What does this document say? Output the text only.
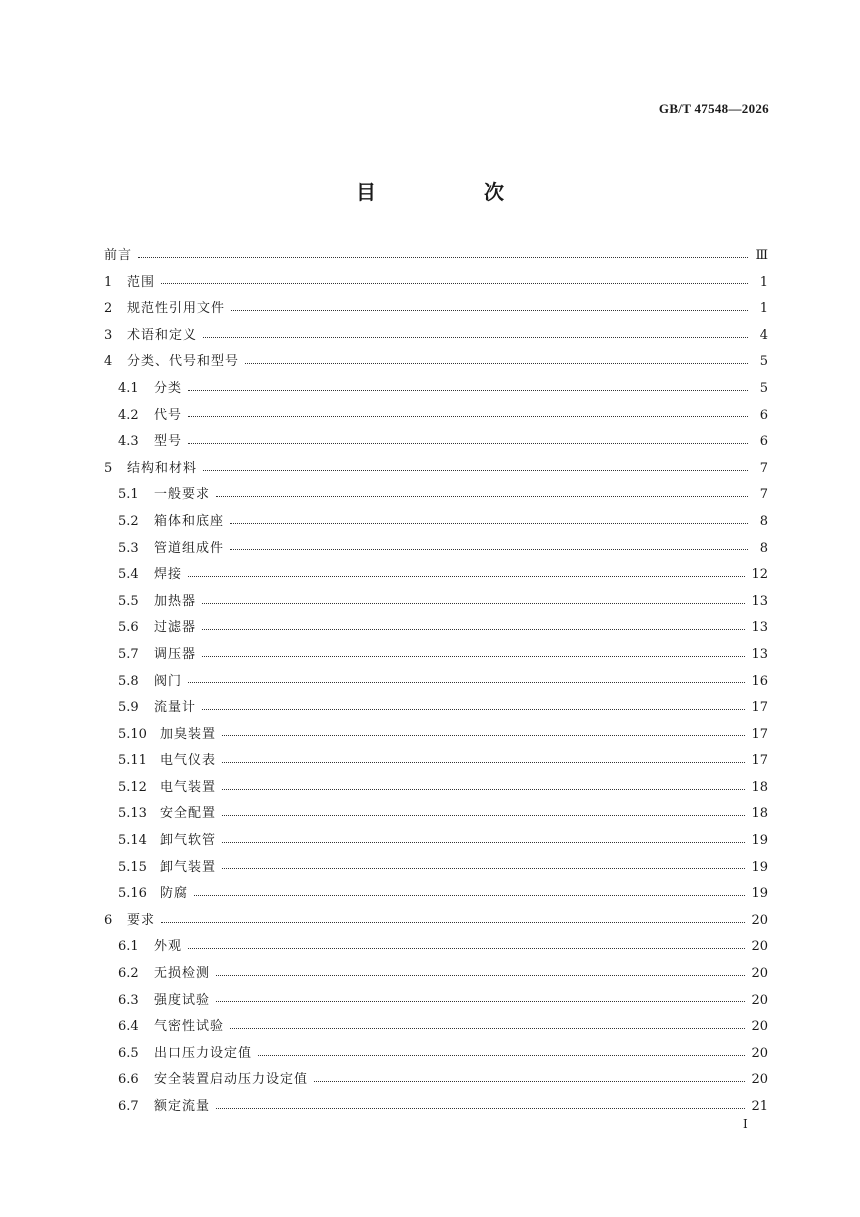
GB/T 47548—2026
目　次
前言	Ⅲ
1	范围	1
2	规范性引用文件	1
3	术语和定义	4
4	分类、代号和型号	5
4.1	分类	5
4.2	代号	6
4.3	型号	6
5	结构和材料	7
5.1	一般要求	7
5.2	箱体和底座	8
5.3	管道组成件	8
5.4	焊接	12
5.5	加热器	13
5.6	过滤器	13
5.7	调压器	13
5.8	阀门	16
5.9	流量计	17
5.10	加臭装置	17
5.11	电气仪表	17
5.12	电气装置	18
5.13	安全配置	18
5.14	卸气软管	19
5.15	卸气装置	19
5.16	防腐	19
6	要求	20
6.1	外观	20
6.2	无损检测	20
6.3	强度试验	20
6.4	气密性试验	20
6.5	出口压力设定值	20
6.6	安全装置启动压力设定值	20
6.7	额定流量	21
I
